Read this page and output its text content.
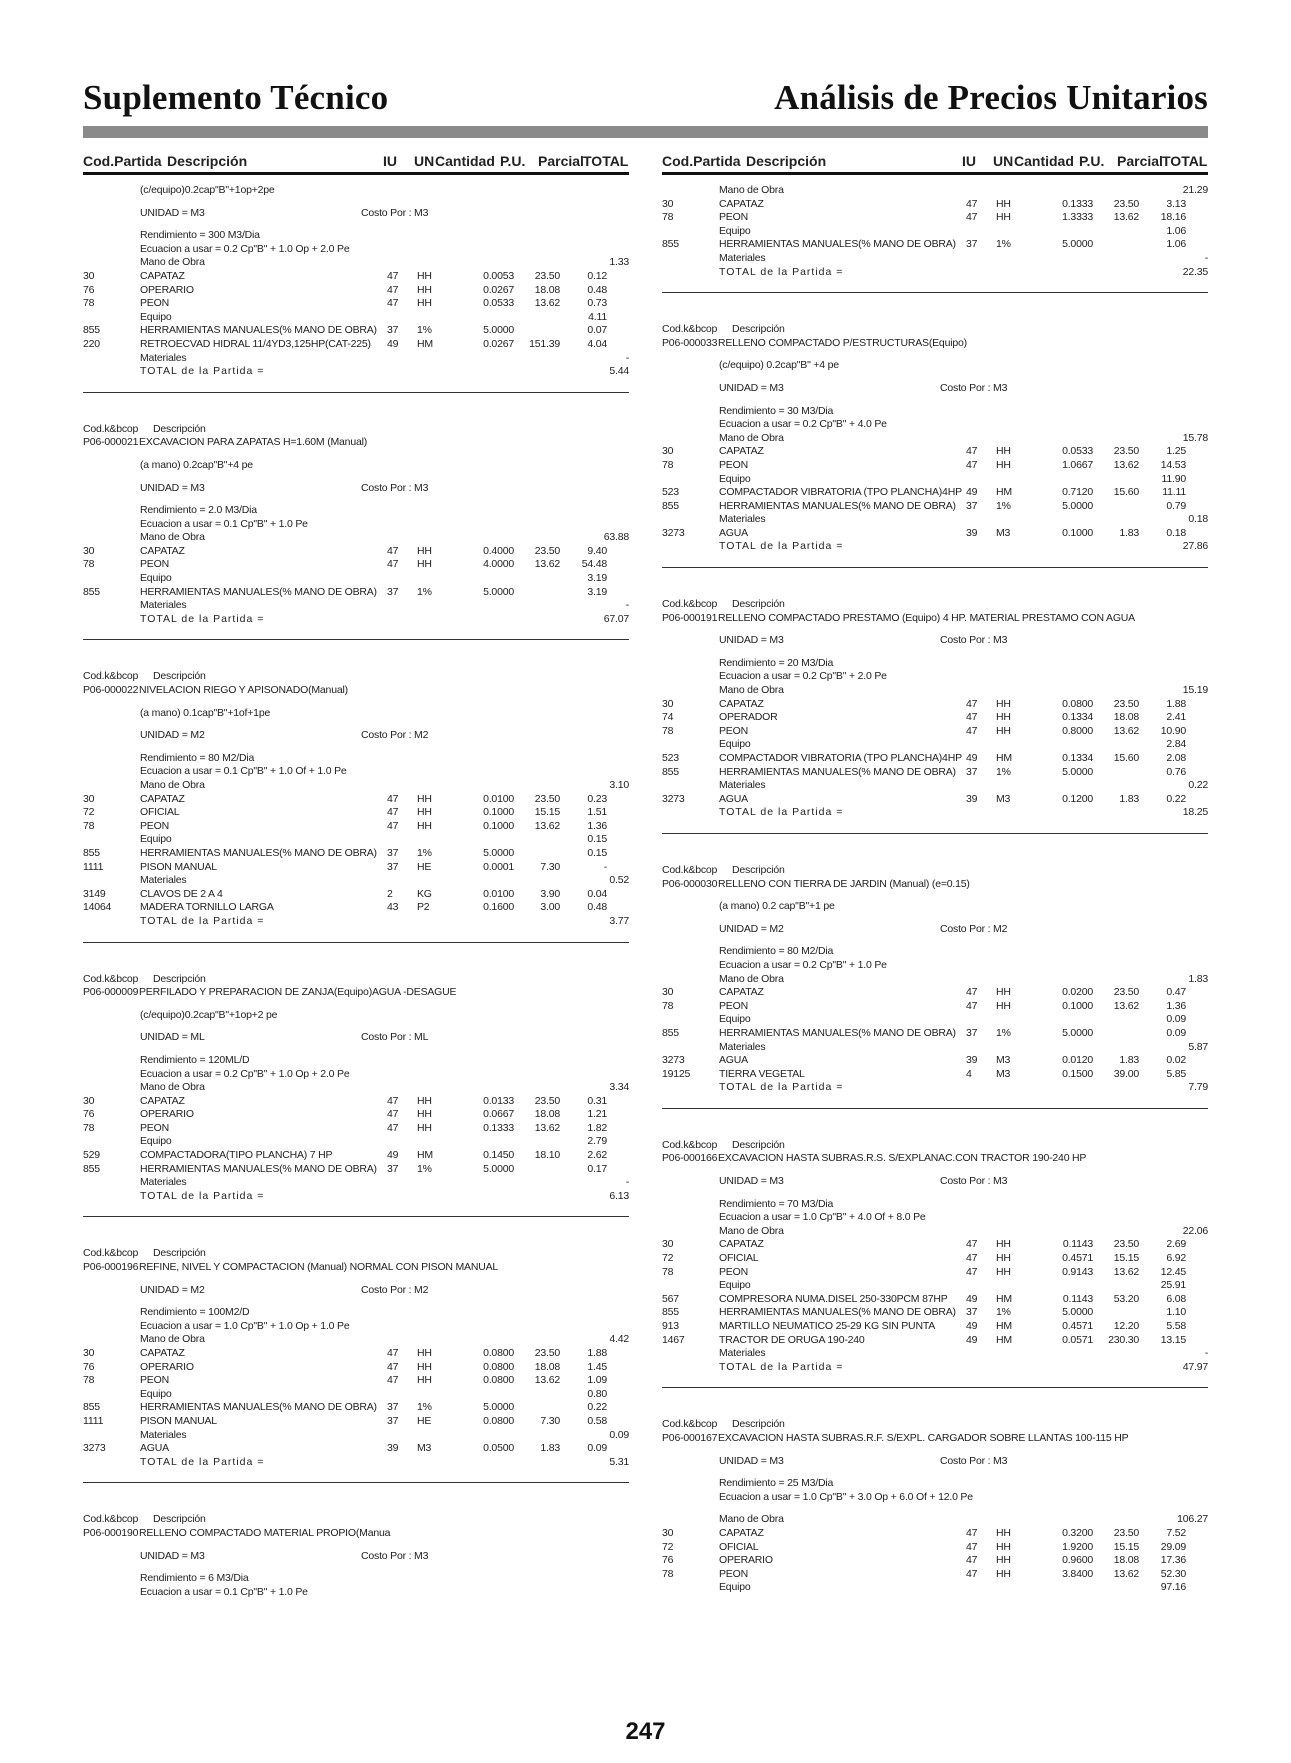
Suplemento Técnico	Análisis de Precios Unitarios
Cod.Partida Descripción	IU UN Cantidad P.U. Parcial TOTAL
(c/equipo)0.2cap"B"+1op+2pe
UNIDAD = M3	Costo Por : M3
Rendimiento = 300 M3/Dia
Ecuacion a usar = 0.2 Cp"B" + 1.0 Op + 2.0 Pe
Mano de Obra	1.33
30	CAPATAZ	47 HH	0.0053	23.50	0.12
76	OPERARIO	47 HH	0.0267	18.08	0.48
78	PEON	47 HH	0.0533	13.62	0.73
Equipo	4.11
855	HERRAMIENTAS MANUALES(% MANO DE OBRA) 37 1%	5.0000	0.07
220	RETROECVAD HIDRAL 11/4YD3,125HP(CAT-225) 49 HM	0.0267	151.39	4.04
Materiales	-
TOTAL de la Partida =	5.44
Cod.k&bcop Descripción
P06-000021 EXCAVACION PARA ZAPATAS H=1.60M (Manual)
(a mano) 0.2cap"B"+4 pe
UNIDAD = M3	Costo Por : M3
Rendimiento = 2.0 M3/Dia
Ecuacion a usar = 0.1 Cp"B" + 1.0 Pe
Mano de Obra	63.88
30	CAPATAZ	47 HH	0.4000	23.50	9.40
78	PEON	47 HH	4.0000	13.62	54.48
Equipo	3.19
855	HERRAMIENTAS MANUALES(% MANO DE OBRA) 37 1%	5.0000	3.19
Materiales	-
TOTAL de la Partida =	67.07
Cod.k&bcop Descripción
P06-000022 NIVELACION RIEGO Y APISONADO(Manual)
(a mano) 0.1cap"B"+1of+1pe
UNIDAD = M2	Costo Por : M2
Rendimiento = 80 M2/Dia
Ecuacion a usar = 0.1 Cp"B" + 1.0 Of + 1.0 Pe
Mano de Obra	3.10
30	CAPATAZ	47 HH	0.0100	23.50	0.23
72	OFICIAL	47 HH	0.1000	15.15	1.51
78	PEON	47 HH	0.1000	13.62	1.36
Equipo	0.15
855	HERRAMIENTAS MANUALES(% MANO DE OBRA) 37 1%	5.0000	0.15
1111	PISON MANUAL	37 HE	0.0001	7.30	-
Materiales	0.52
3149	CLAVOS DE 2 A 4	2 KG	0.0100	3.90	0.04
14064	MADERA TORNILLO LARGA	43 P2	0.1600	3.00	0.48
TOTAL de la Partida =	3.77
Cod.k&bcop Descripción
P06-000009 PERFILADO Y PREPARACION DE ZANJA(Equipo)AGUA -DESAGUE
(c/equipo)0.2cap"B"+1op+2 pe
UNIDAD = ML	Costo Por : ML
Rendimiento = 120ML/D
Ecuacion a usar = 0.2 Cp"B" + 1.0 Op + 2.0 Pe
Mano de Obra	3.34
30	CAPATAZ	47 HH	0.0133	23.50	0.31
76	OPERARIO	47 HH	0.0667	18.08	1.21
78	PEON	47 HH	0.1333	13.62	1.82
Equipo	2.79
529	COMPACTADORA(TIPO PLANCHA) 7 HP	49 HM	0.1450	18.10	2.62
855	HERRAMIENTAS MANUALES(% MANO DE OBRA) 37 1%	5.0000	0.17
Materiales	-
TOTAL de la Partida =	6.13
Cod.k&bcop Descripción
P06-000196 REFINE, NIVEL Y COMPACTACION (Manual) NORMAL CON PISON MANUAL
UNIDAD = M2	Costo Por : M2
Rendimiento = 100M2/D
Ecuacion a usar = 1.0 Cp"B" + 1.0 Op + 1.0 Pe
Mano de Obra	4.42
30	CAPATAZ	47 HH	0.0800	23.50	1.88
76	OPERARIO	47 HH	0.0800	18.08	1.45
78	PEON	47 HH	0.0800	13.62	1.09
Equipo	0.80
855	HERRAMIENTAS MANUALES(% MANO DE OBRA) 37 1%	5.0000	0.22
1111	PISON MANUAL	37 HE	0.0800	7.30	0.58
Materiales	0.09
3273	AGUA	39 M3	0.0500	1.83	0.09
TOTAL de la Partida =	5.31
Cod.k&bcop Descripción
P06-000190 RELLENO COMPACTADO MATERIAL PROPIO(Manua
UNIDAD = M3	Costo Por : M3
Rendimiento = 6 M3/Dia
Ecuacion a usar = 0.1 Cp"B" + 1.0 Pe
Cod.Partida Descripción	IU UN Cantidad P.U. Parcial TOTAL
Mano de Obra	21.29
30	CAPATAZ	47 HH	0.1333	23.50	3.13
78	PEON	47 HH	1.3333	13.62	18.16
Equipo	1.06
855	HERRAMIENTAS MANUALES(% MANO DE OBRA) 37 1%	5.0000	1.06
Materiales	-
TOTAL de la Partida =	22.35
Cod.k&bcop Descripción
P06-000033 RELLENO COMPACTADO P/ESTRUCTURAS(Equipo)
(c/equipo) 0.2cap"B" +4 pe
UNIDAD = M3	Costo Por : M3
Rendimiento = 30 M3/Dia
Ecuacion a usar = 0.2 Cp"B" + 4.0 Pe
Mano de Obra	15.78
30	CAPATAZ	47 HH	0.0533	23.50	1.25
78	PEON	47 HH	1.0667	13.62	14.53
Equipo	11.90
523	COMPACTADOR VIBRATORIA (TPO PLANCHA)4HP 49 HM	0.7120	15.60	11.11
855	HERRAMIENTAS MANUALES(% MANO DE OBRA) 37 1%	5.0000	0.79
Materiales	0.18
3273	AGUA	39 M3	0.1000	1.83	0.18
TOTAL de la Partida =	27.86
Cod.k&bcop Descripción
P06-000191 RELLENO COMPACTADO PRESTAMO (Equipo) 4 HP. MATERIAL PRESTAMO CON AGUA
UNIDAD = M3	Costo Por : M3
Rendimiento = 20 M3/Dia
Ecuacion a usar = 0.2 Cp"B" + 2.0 Pe
Mano de Obra	15.19
30	CAPATAZ	47 HH	0.0800	23.50	1.88
74	OPERADOR	47 HH	0.1334	18.08	2.41
78	PEON	47 HH	0.8000	13.62	10.90
Equipo	2.84
523	COMPACTADOR VIBRATORIA (TPO PLANCHA)4HP 49 HM	0.1334	15.60	2.08
855	HERRAMIENTAS MANUALES(% MANO DE OBRA) 37 1%	5.0000	0.76
Materiales	0.22
3273	AGUA	39 M3	0.1200	1.83	0.22
TOTAL de la Partida =	18.25
Cod.k&bcop Descripción
P06-000030 RELLENO CON TIERRA DE JARDIN (Manual) (e=0.15)
(a mano) 0.2 cap"B"+1 pe
UNIDAD = M2	Costo Por : M2
Rendimiento = 80 M2/Dia
Ecuacion a usar = 0.2 Cp"B" + 1.0 Pe
Mano de Obra	1.83
30	CAPATAZ	47 HH	0.0200	23.50	0.47
78	PEON	47 HH	0.1000	13.62	1.36
Equipo	0.09
855	HERRAMIENTAS MANUALES(% MANO DE OBRA) 37 1%	5.0000	0.09
Materiales	5.87
3273	AGUA	39 M3	0.0120	1.83	0.02
19125	TIERRA VEGETAL	4 M3	0.1500	39.00	5.85
TOTAL de la Partida =	7.79
Cod.k&bcop Descripción
P06-000166 EXCAVACION HASTA SUBRAS.R.S. S/EXPLANAC.CON TRACTOR 190-240 HP
UNIDAD = M3	Costo Por : M3
Rendimiento = 70 M3/Dia
Ecuacion a usar = 1.0 Cp"B" + 4.0 Of + 8.0 Pe
Mano de Obra	22.06
30	CAPATAZ	47 HH	0.1143	23.50	2.69
72	OFICIAL	47 HH	0.4571	15.15	6.92
78	PEON	47 HH	0.9143	13.62	12.45
Equipo	25.91
567	COMPRESORA NUMA.DISEL 250-330PCM 87HP 49 HM	0.1143	53.20	6.08
855	HERRAMIENTAS MANUALES(% MANO DE OBRA) 37 1%	5.0000	1.10
913	MARTILLO NEUMATICO 25-29 KG SIN PUNTA	49 HM	0.4571	12.20	5.58
1467	TRACTOR DE ORUGA 190-240	49 HM	0.0571	230.30	13.15
Materiales	-
TOTAL de la Partida =	47.97
Cod.k&bcop Descripción
P06-000167 EXCAVACION HASTA SUBRAS.R.F. S/EXPL. CARGADOR SOBRE LLANTAS 100-115 HP
UNIDAD = M3	Costo Por : M3
Rendimiento = 25 M3/Dia
Ecuacion a usar = 1.0 Cp"B" + 3.0 Op + 6.0 Of + 12.0 Pe
Mano de Obra	106.27
30	CAPATAZ	47 HH	0.3200	23.50	7.52
72	OFICIAL	47 HH	1.9200	15.15	29.09
76	OPERARIO	47 HH	0.9600	18.08	17.36
78	PEON	47 HH	3.8400	13.62	52.30
Equipo	97.16
247
